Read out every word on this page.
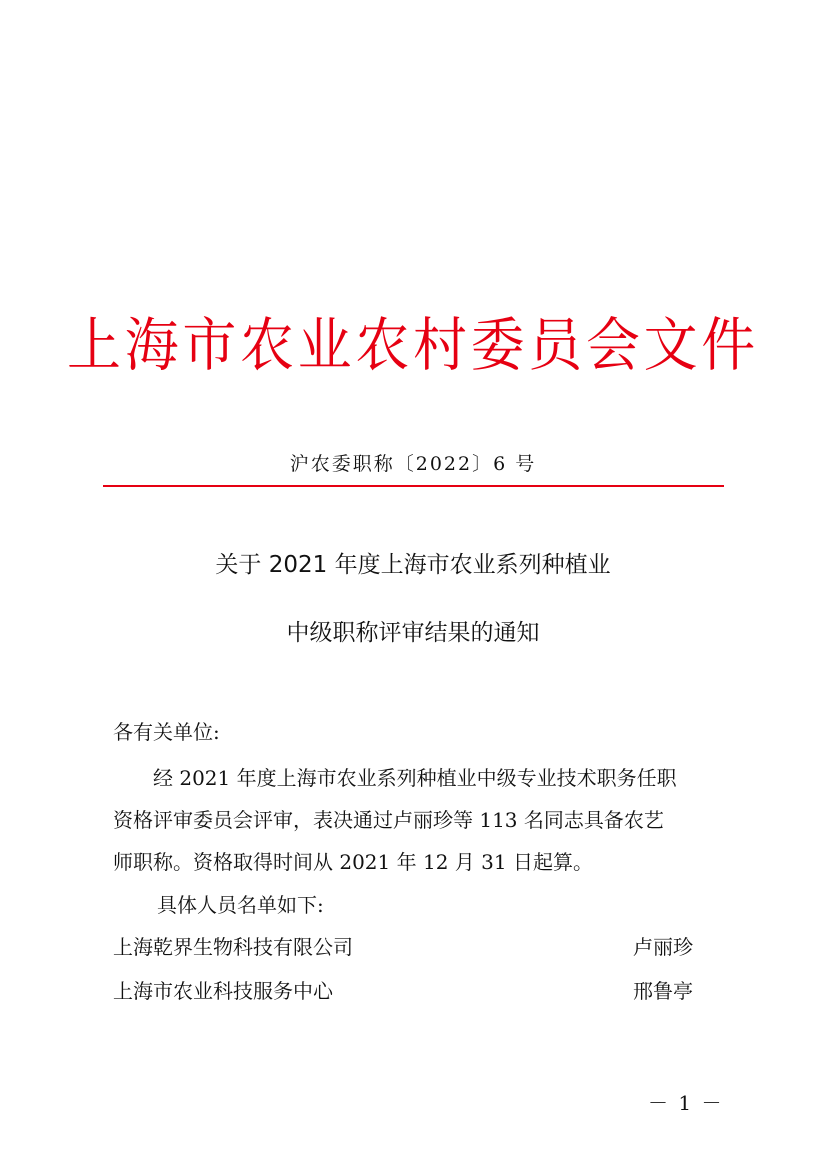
上海市农业农村委员会文件
沪农委职称〔2022〕6 号
关于 2021 年度上海市农业系列种植业
中级职称评审结果的通知
各有关单位:
　　经 2021 年度上海市农业系列种植业中级专业技术职务任职
资格评审委员会评审，表决通过卢丽珍等 113 名同志具备农艺
师职称。资格取得时间从 2021 年 12 月 31 日起算。
具体人员名单如下:
上海乾界生物科技有限公司	卢丽珍
上海市农业科技服务中心	邢鲁亭
－ 1 －
